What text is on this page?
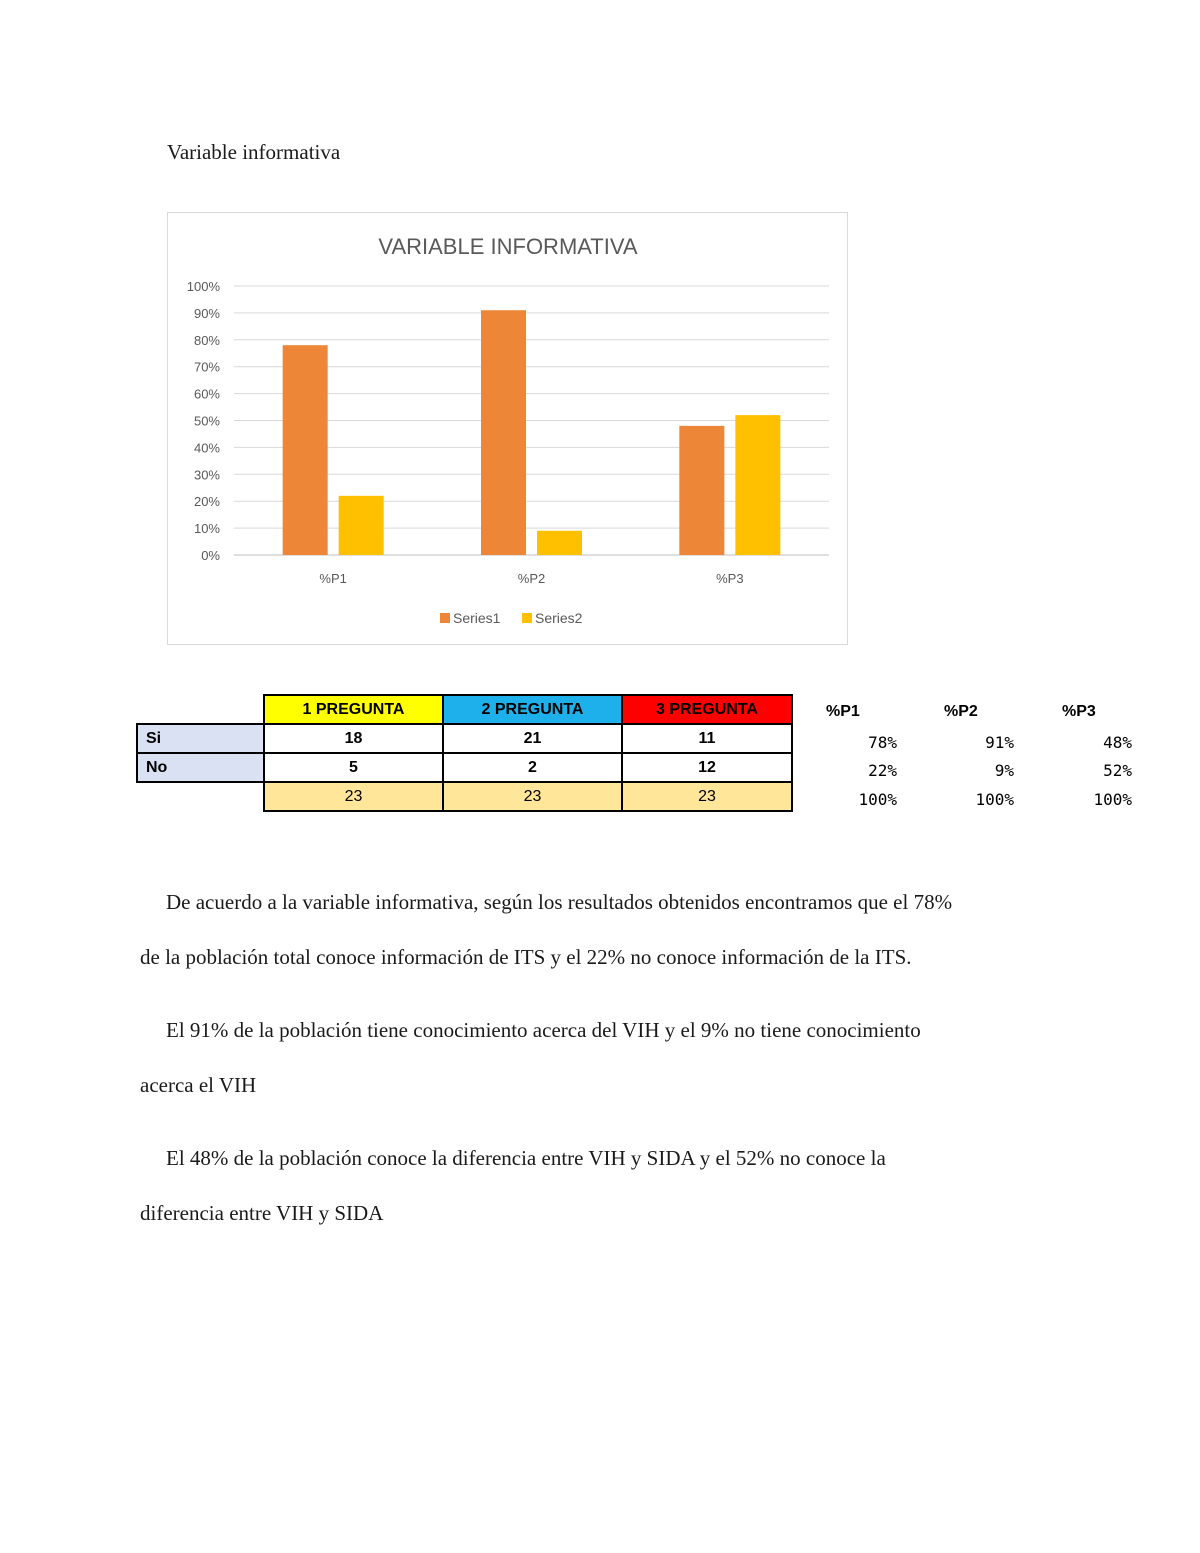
Variable informativa
VARIABLE INFORMATIVA
0%
10%
20%
30%
40%
50%
60%
70%
80%
90%
100%
%P1	%P2	%P3
Series1 Series2
	1 PREGUNTA	2 PREGUNTA	3 PREGUNTA
Si	18	21	11
No	5	2	12
	23	23	23
%P1	%P2	%P3
78%	91%	48%
22%	9%	52%
100%	100%	100%
De acuerdo a la variable informativa, según los resultados obtenidos encontramos que el 78%
de la población total conoce información de ITS y el 22% no conoce información de la ITS.
El 91% de la población tiene conocimiento acerca del VIH y el 9% no tiene conocimiento
acerca el VIH
El 48% de la población conoce la diferencia entre VIH y SIDA y el 52% no conoce la
diferencia entre VIH y SIDA
